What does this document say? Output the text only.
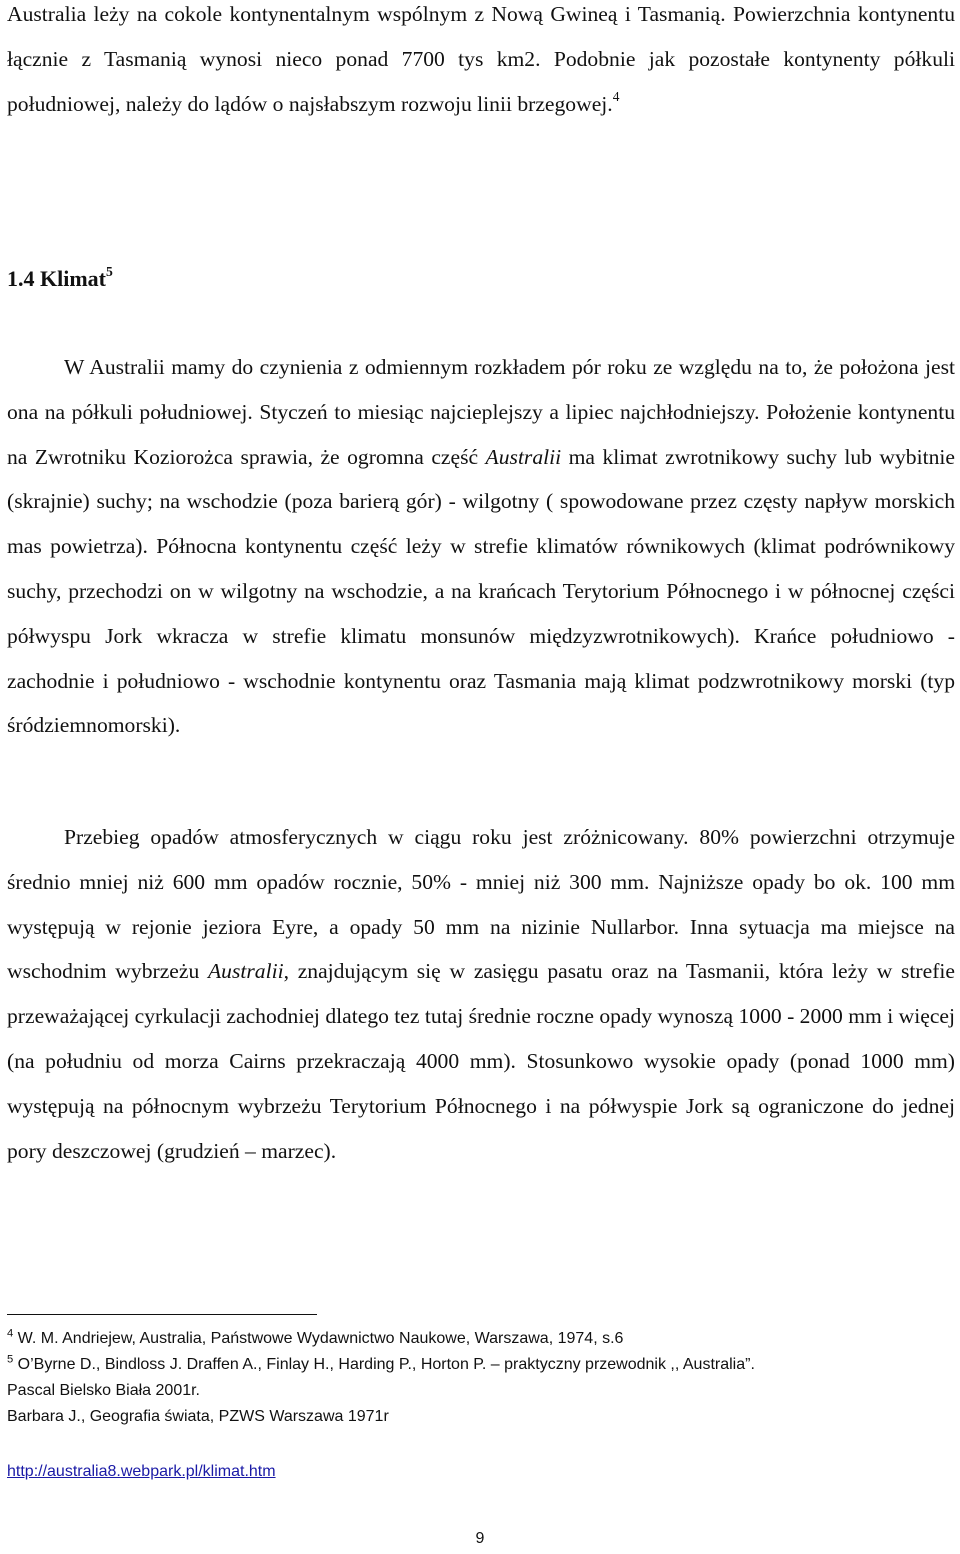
Australia leży na cokole kontynentalnym wspólnym z Nową Gwineą i Tasmanią. Powierzchnia kontynentu łącznie z Tasmanią wynosi nieco ponad 7700 tys km2. Podobnie jak pozostałe kontynenty półkuli południowej, należy do lądów o najsłabszym rozwoju linii brzegowej.$^4$

1.4 Klimat$^5$

W Australii mamy do czynienia z odmiennym rozkładem pór roku ze względu na to, że położona jest ona na półkuli południowej. Styczeń to miesiąc najcieplejszy a lipiec najchłodniejszy. Położenie kontynentu na Zwrotniku Koziorożca sprawia, że ogromna część Australii ma klimat zwrotnikowy suchy lub wybitnie (skrajnie) suchy; na wschodzie (poza barierą gór) - wilgotny ( spowodowane przez częsty napływ morskich mas powietrza). Północna kontynentu część leży w strefie klimatów równikowych (klimat podrównikowy suchy, przechodzi on w wilgotny na wschodzie, a na krańcach Terytorium Północnego i w północnej części półwyspu Jork wkracza w strefie klimatu monsunów międzyzwrotnikowych). Krańce południowo - zachodnie i południowo - wschodnie kontynentu oraz Tasmania mają klimat podzwrotnikowy morski (typ śródziemnomorski).

Przebieg opadów atmosferycznych w ciągu roku jest zróżnicowany. 80% powierzchni otrzymuje średnio mniej niż 600 mm opadów rocznie, 50% - mniej niż 300 mm. Najniższe opady bo ok. 100 mm występują w rejonie jeziora Eyre, a opady 50 mm na nizinie Nullarbor. Inna sytuacja ma miejsce na wschodnim wybrzeżu Australii, znajdującym się w zasięgu pasatu oraz na Tasmanii, która leży w strefie przeważającej cyrkulacji zachodniej dlatego tez tutaj średnie roczne opady wynoszą 1000 - 2000 mm i więcej (na południu od morza Cairns przekraczają 4000 mm). Stosunkowo wysokie opady (ponad 1000 mm) występują na północnym wybrzeżu Terytorium Północnego i na półwyspie Jork są ograniczone do jednej pory deszczowej (grudzień – marzec).

$^4$ W. M. Andriejew, Australia, Państwowe Wydawnictwo Naukowe, Warszawa, 1974, s.6

$^5$ O’Byrne D., Bindloss J. Draffen A., Finlay H., Harding P., Horton P. – praktyczny przewodnik ,, Australia”.

Pascal Bielsko Biała 2001r.

Barbara J., Geografia świata, PZWS Warszawa 1971r

http://australia8.webpark.pl/klimat.htm
9
